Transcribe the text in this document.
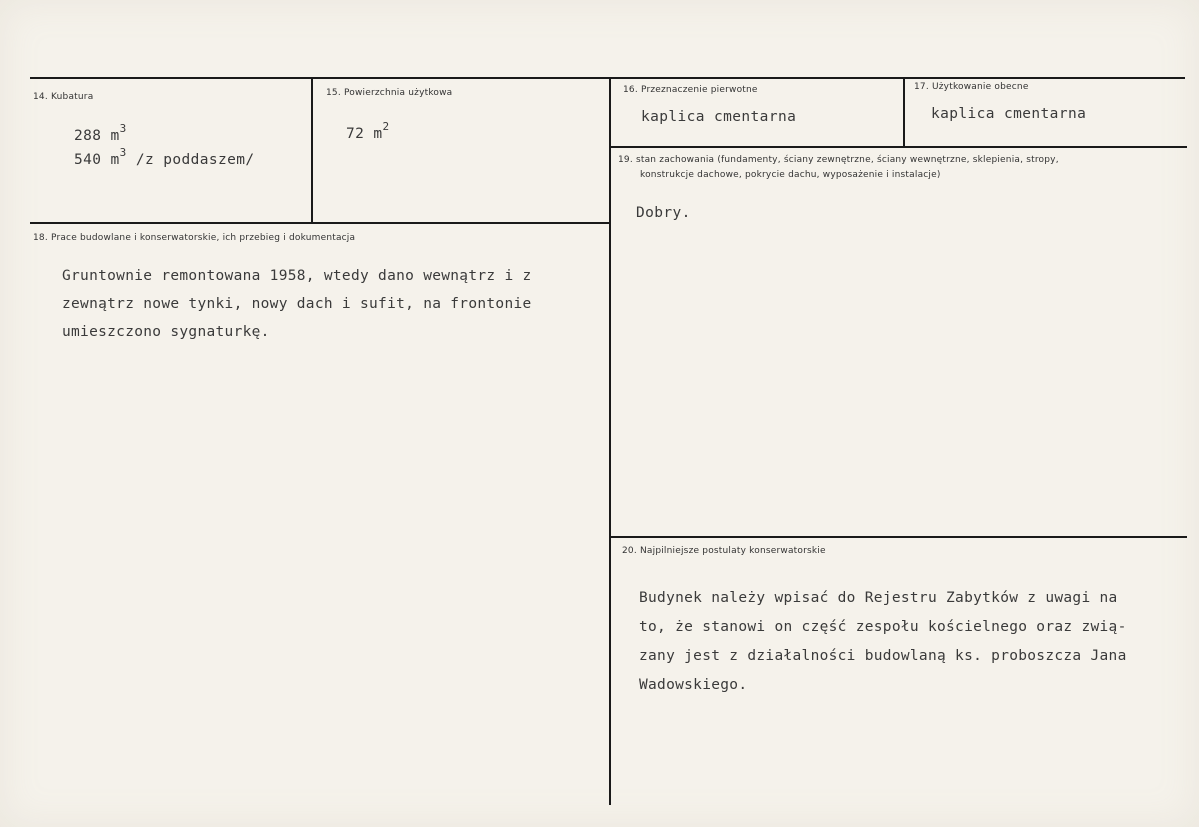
14. Kubatura
288 $m^3$
540 $m^3$ /z poddaszem/
15. Powierzchnia użytkowa
72 $m^2$
16. Przeznaczenie pierwotne
kaplica cmentarna
17. Użytkowanie obecne
kaplica cmentarna
18. Prace budowlane i konserwatorskie, ich przebieg i dokumentacja
Gruntownie remontowana 1958, wtedy dano wewnątrz i z
zewnątrz nowe tynki, nowy dach i sufit, na frontonie
umieszczono sygnaturkę.
19. stan zachowania (fundamenty, ściany zewnętrzne, ściany wewnętrzne, sklepienia, stropy,
konstrukcje dachowe, pokrycie dachu, wyposażenie i instalacje)
Dobry.
20. Najpilniejsze postulaty konserwatorskie
Budynek należy wpisać do Rejestru Zabytków z uwagi na
to, że stanowi on część zespołu kościelnego oraz zwią-
zany jest z działalności budowlaną ks. proboszcza Jana
Wadowskiego.
